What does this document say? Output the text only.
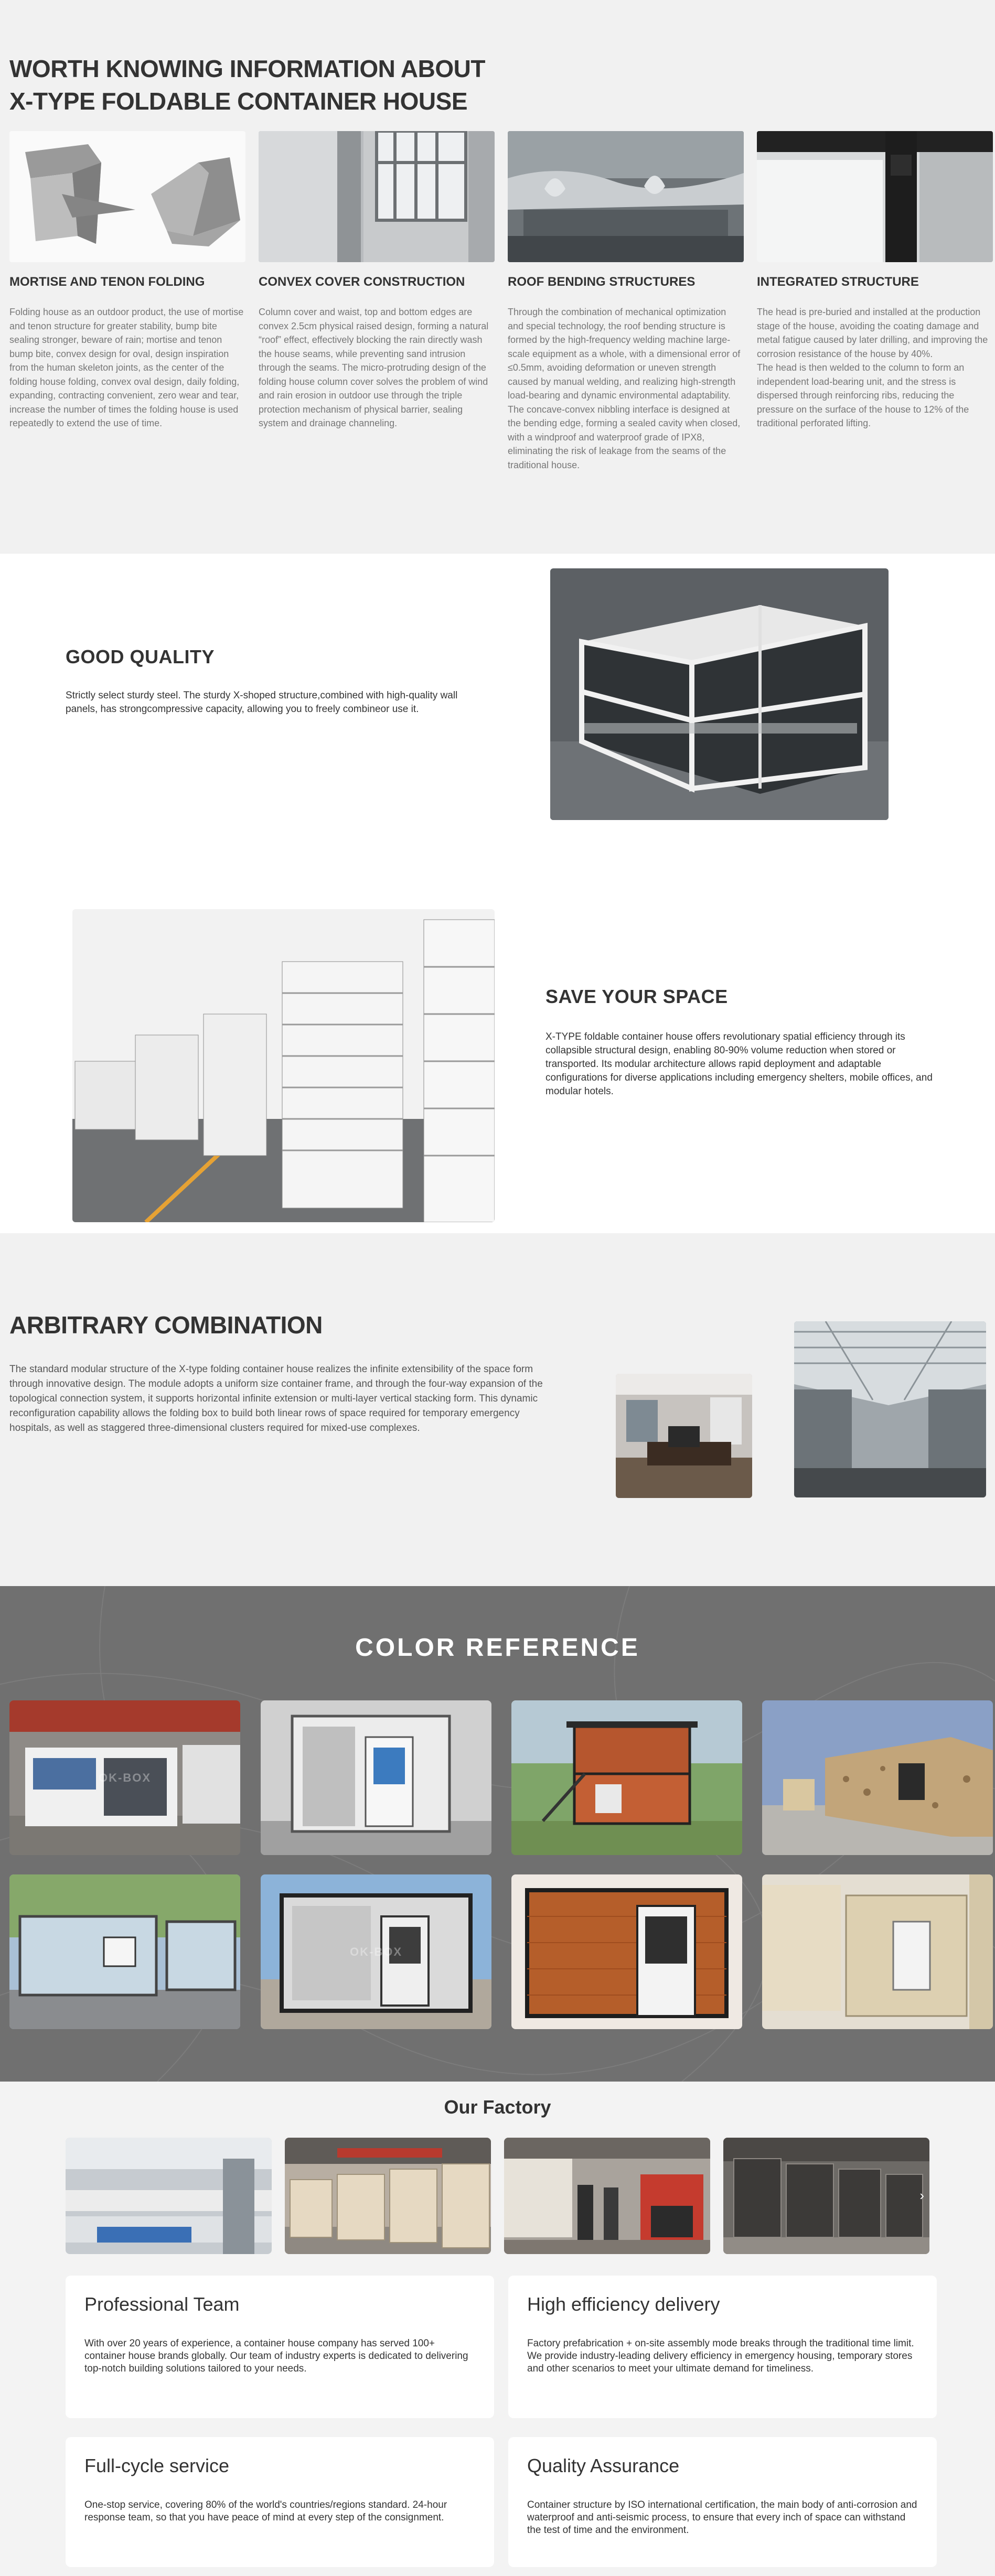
WORTH KNOWING INFORMATION ABOUT
X-TYPE FOLDABLE CONTAINER HOUSE
MORTISE AND TENON FOLDING

Folding house as an outdoor product, the use of mortise and tenon structure for greater stability, bump bite sealing stronger, beware of rain; mortise and tenon bump bite, convex design for oval, design inspiration from the human skeleton joints, as the center of the folding house folding, convex oval design, daily folding, expanding, contracting convenient, zero wear and tear, increase the number of times the folding house is used repeatedly to extend the use of time.

CONVEX COVER CONSTRUCTION

Column cover and waist, top and bottom edges are convex 2.5cm physical raised design, forming a natural “roof” effect, effectively blocking the rain directly wash the house seams, while preventing sand intrusion through the seams. The micro-protruding design of the folding house column cover solves the problem of wind and rain erosion in outdoor use through the triple protection mechanism of physical barrier, sealing system and drainage channeling.

ROOF BENDING STRUCTURES

Through the combination of mechanical optimization and special technology, the roof bending structure is formed by the high-frequency welding machine large-scale equipment as a whole, with a dimensional error of ≤0.5mm, avoiding deformation or uneven strength caused by manual welding, and realizing high-strength load-bearing and dynamic environmental adaptability. The concave-convex nibbling interface is designed at the bending edge, forming a sealed cavity when closed, with a windproof and waterproof grade of IPX8, eliminating the risk of leakage from the seams of the traditional house.

INTEGRATED STRUCTURE

The head is pre-buried and installed at the production stage of the house, avoiding the coating damage and metal fatigue caused by later drilling, and improving the corrosion resistance of the house by 40%.
The head is then welded to the column to form an independent load-bearing unit, and the stress is dispersed through reinforcing ribs, reducing the pressure on the surface of the house to 12% of the traditional perforated lifting.

GOOD QUALITY

Strictly select sturdy steel. The sturdy X-shoped structure,combined with high-quality wall panels, has strongcompressive capacity, allowing you to freely combineor use it.

SAVE YOUR SPACE

X-TYPE foldable container house offers revolutionary spatial efficiency through its collapsible structural design, enabling 80-90% volume reduction when stored or transported. Its modular architecture allows rapid deployment and adaptable configurations for diverse applications including emergency shelters, mobile offices, and modular hotels.

ARBITRARY COMBINATION

The standard modular structure of the X-type folding container house realizes the infinite extensibility of the space form through innovative design. The module adopts a uniform size container frame, and through the four-way expansion of the topological connection system, it supports horizontal infinite extension or multi-layer vertical stacking form. This dynamic reconfiguration capability allows the folding box to build both linear rows of space required for temporary emergency hospitals, as well as staggered three-dimensional clusters required for mixed-use complexes.

COLOR REFERENCE
OK-BOX
OK-BOX
Our Factory
›
Professional Team

With over 20 years of experience, a container house company has served 100+ container house brands globally. Our team of industry experts is dedicated to delivering top-notch building solutions tailored to your needs.

High efficiency delivery

Factory prefabrication + on-site assembly mode breaks through the traditional time limit. We provide industry-leading delivery efficiency in emergency housing, temporary stores and other scenarios to meet your ultimate demand for timeliness.

Full-cycle service

One-stop service, covering 80% of the world's countries/regions standard. 24-hour response team, so that you have peace of mind at every step of the consignment.

Quality Assurance

Container structure by ISO international certification, the main body of anti-corrosion and waterproof and anti-seismic process, to ensure that every inch of space can withstand the test of time and the environment.
